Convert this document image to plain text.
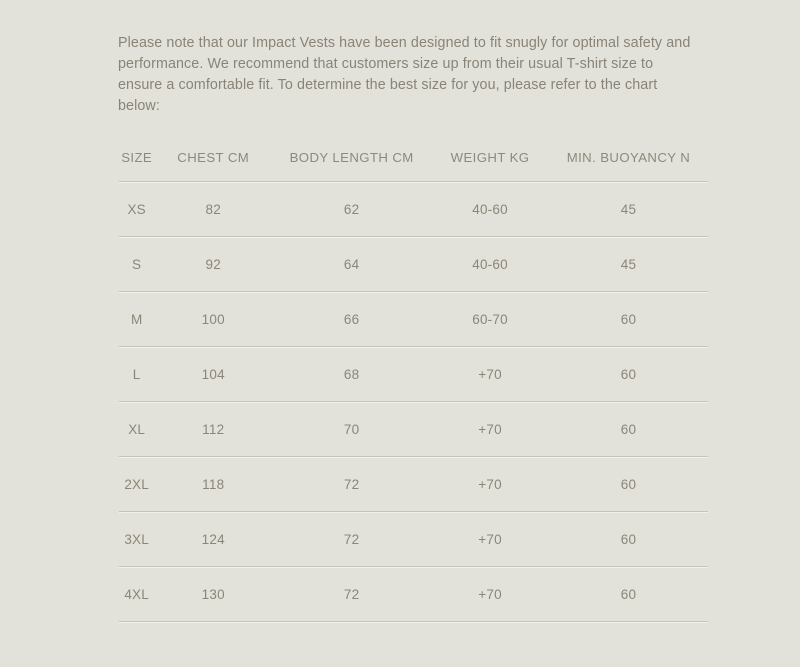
Please note that our Impact Vests have been designed to fit snugly for optimal safety and performance. We recommend that customers size up from their usual T-shirt size to ensure a comfortable fit. To determine the best size for you, please refer to the chart below:

SIZE	CHEST CM	BODY LENGTH CM	WEIGHT KG	MIN. BUOYANCY N
XS	82	62	40-60	45
S	92	64	40-60	45
M	100	66	60-70	60
L	104	68	+70	60
XL	112	70	+70	60
2XL	118	72	+70	60
3XL	124	72	+70	60
4XL	130	72	+70	60
